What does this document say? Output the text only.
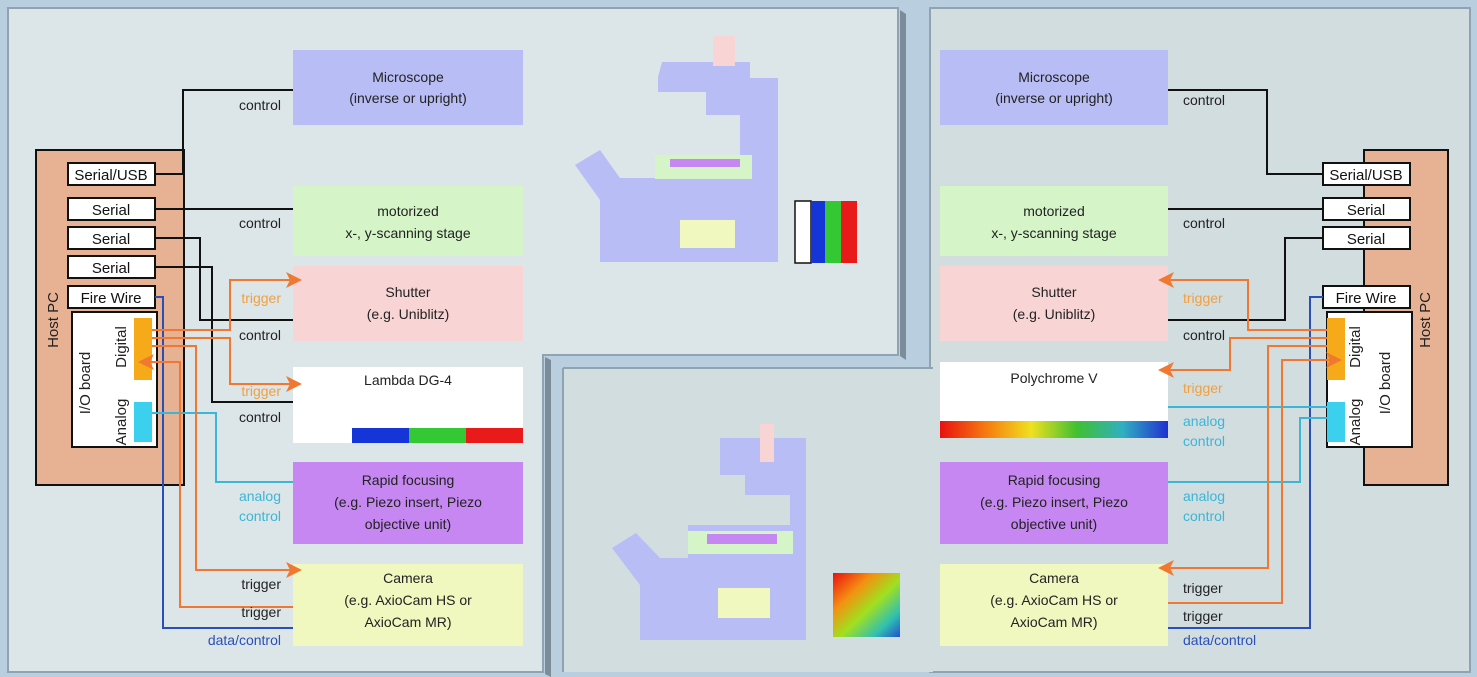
Host PC
Serial/USB
Serial
Serial
Serial
Fire Wire
I/O board
Digital
Analog
Microscope
(inverse or upright)
motorized
x-, y-scanning stage
Shutter
(e.g. Uniblitz)
Lambda DG-4
Rapid focusing
(e.g. Piezo insert, Piezo
objective unit)
Camera
(e.g. AxioCam HS or
AxioCam MR)
control
control
trigger
control
trigger
control
analog
control
trigger
trigger
data/control
Host PC
Serial/USB
Serial
Serial
Fire Wire
Digital
Analog
I/O board
Microscope
(inverse or upright)
motorized
x-, y-scanning stage
Shutter
(e.g. Uniblitz)
Polychrome V
Rapid focusing
(e.g. Piezo insert, Piezo
objective unit)
Camera
(e.g. AxioCam HS or
AxioCam MR)
control
control
trigger
control
trigger
analog
control
analog
control
trigger
trigger
data/control
